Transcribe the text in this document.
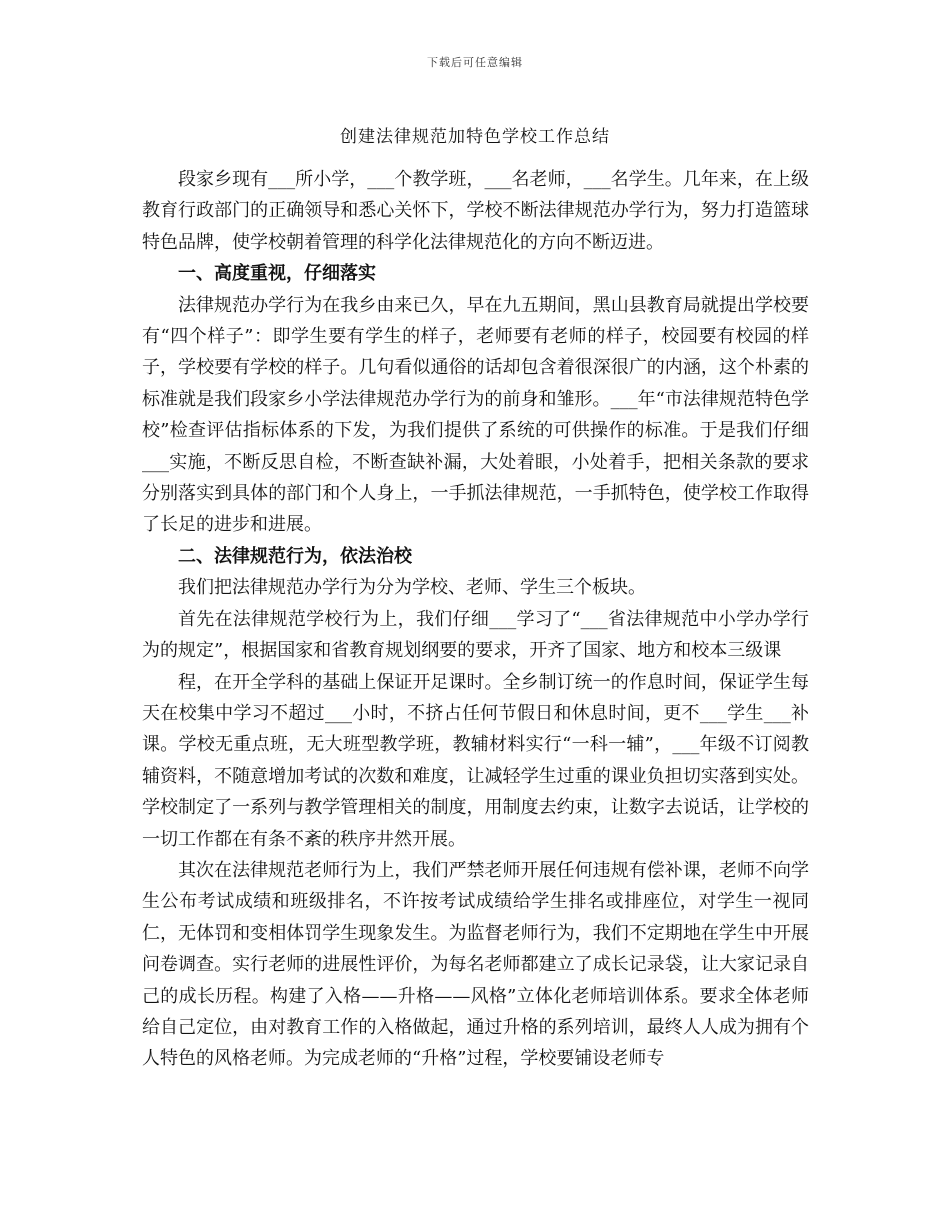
下载后可任意编辑
创建法律规范加特色学校工作总结

段家乡现有___所小学，___个教学班，___名老师，___名学生。几年来，在上级教育行政部门的正确领导和悉心关怀下，学校不断法律规范办学行为，努力打造篮球特色品牌，使学校朝着管理的科学化法律规范化的方向不断迈进。

一、高度重视，仔细落实

法律规范办学行为在我乡由来已久，早在九五期间，黑山县教育局就提出学校要有“四个样子”：即学生要有学生的样子，老师要有老师的样子，校园要有校园的样子，学校要有学校的样子。几句看似通俗的话却包含着很深很广的内涵，这个朴素的标准就是我们段家乡小学法律规范办学行为的前身和雏形。___年“市法律规范特色学校”检查评估指标体系的下发，为我们提供了系统的可供操作的标准。于是我们仔细___实施，不断反思自检，不断查缺补漏，大处着眼，小处着手，把相关条款的要求分别落实到具体的部门和个人身上，一手抓法律规范，一手抓特色，使学校工作取得了长足的进步和进展。

二、法律规范行为，依法治校

我们把法律规范办学行为分为学校、老师、学生三个板块。

首先在法律规范学校行为上，我们仔细___学习了“___省法律规范中小学办学行为的规定”，根据国家和省教育规划纲要的要求，开齐了国家、地方和校本三级课

程，在开全学科的基础上保证开足课时。全乡制订统一的作息时间，保证学生每天在校集中学习不超过___小时，不挤占任何节假日和休息时间，更不___学生___补课。学校无重点班，无大班型教学班，教辅材料实行“一科一辅”，___年级不订阅教辅资料，不随意增加考试的次数和难度，让减轻学生过重的课业负担切实落到实处。学校制定了一系列与教学管理相关的制度，用制度去约束，让数字去说话，让学校的一切工作都在有条不紊的秩序井然开展。

其次在法律规范老师行为上，我们严禁老师开展任何违规有偿补课，老师不向学生公布考试成绩和班级排名，不许按考试成绩给学生排名或排座位，对学生一视同仁，无体罚和变相体罚学生现象发生。为监督老师行为，我们不定期地在学生中开展问卷调查。实行老师的进展性评价，为每名老师都建立了成长记录袋，让大家记录自己的成长历程。构建了入格——升格——风格”立体化老师培训体系。要求全体老师给自己定位，由对教育工作的入格做起，通过升格的系列培训，最终人人成为拥有个人特色的风格老师。为完成老师的“升格”过程，学校要铺设老师专
